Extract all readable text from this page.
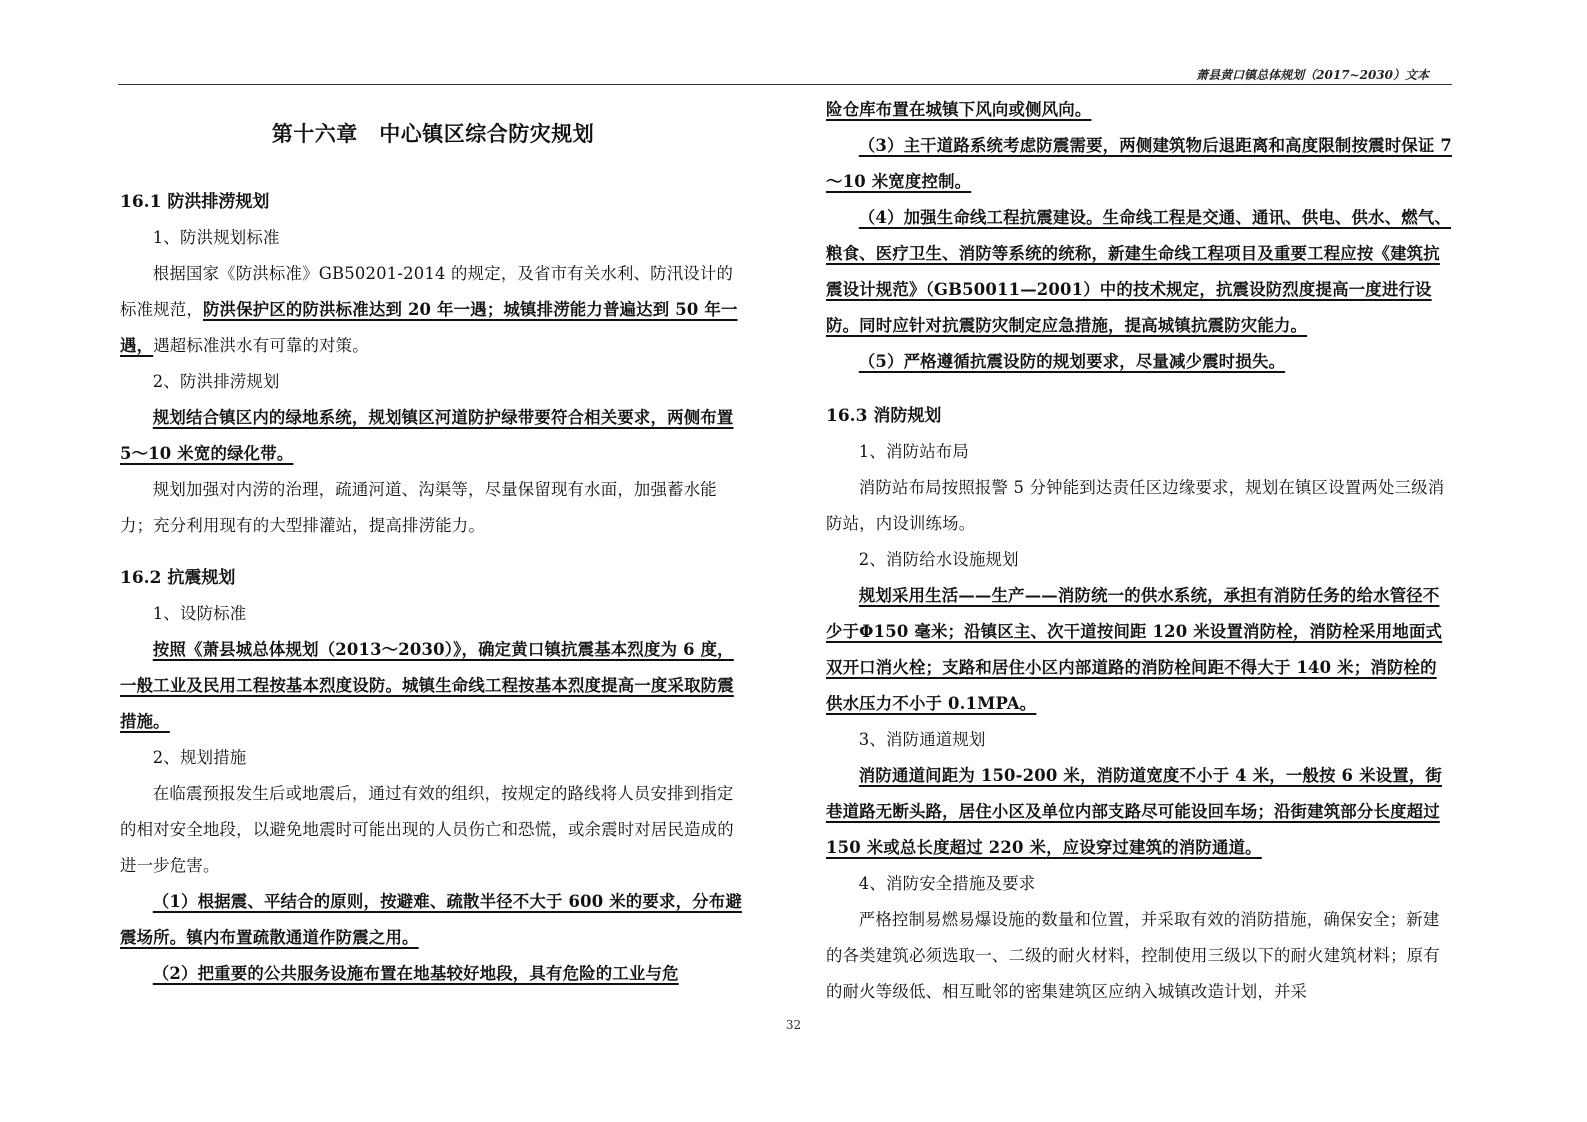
萧县黄口镇总体规划（2017~2030）文本
第十六章　中心镇区综合防灾规划
16.1 防洪排涝规划

1、防洪规划标准

根据国家《防洪标准》GB50201-2014 的规定，及省市有关水利、防汛设计的标准规范，防洪保护区的防洪标准达到 20 年一遇；城镇排涝能力普遍达到 50 年一遇，遇超标准洪水有可靠的对策。

2、防洪排涝规划

规划结合镇区内的绿地系统，规划镇区河道防护绿带要符合相关要求，两侧布置 5～10 米宽的绿化带。

规划加强对内涝的治理，疏通河道、沟渠等，尽量保留现有水面，加强蓄水能力；充分利用现有的大型排灌站，提高排涝能力。

16.2 抗震规划

1、设防标准

按照《萧县城总体规划（2013～2030）》，确定黄口镇抗震基本烈度为 6 度，一般工业及民用工程按基本烈度设防。城镇生命线工程按基本烈度提高一度采取防震措施。

2、规划措施

在临震预报发生后或地震后，通过有效的组织，按规定的路线将人员安排到指定的相对安全地段，以避免地震时可能出现的人员伤亡和恐慌，或余震时对居民造成的进一步危害。

（1）根据震、平结合的原则，按避难、疏散半径不大于 600 米的要求，分布避震场所。镇内布置疏散通道作防震之用。

（2）把重要的公共服务设施布置在地基较好地段，具有危险的工业与危

险仓库布置在城镇下风向或侧风向。

（3）主干道路系统考虑防震需要，两侧建筑物后退距离和高度限制按震时保证 7～10 米宽度控制。

（4）加强生命线工程抗震建设。生命线工程是交通、通讯、供电、供水、燃气、粮食、医疗卫生、消防等系统的统称，新建生命线工程项目及重要工程应按《建筑抗震设计规范》（GB50011—2001）中的技术规定，抗震设防烈度提高一度进行设防。同时应针对抗震防灾制定应急措施，提高城镇抗震防灾能力。

（5）严格遵循抗震设防的规划要求，尽量减少震时损失。

16.3 消防规划

1、消防站布局

消防站布局按照报警 5 分钟能到达责任区边缘要求，规划在镇区设置两处三级消防站，内设训练场。

2、消防给水设施规划

规划采用生活——生产——消防统一的供水系统，承担有消防任务的给水管径不少于Φ150 毫米；沿镇区主、次干道按间距 120 米设置消防栓，消防栓采用地面式双开口消火栓；支路和居住小区内部道路的消防栓间距不得大于 140 米；消防栓的供水压力不小于 0.1MPA。

3、消防通道规划

消防通道间距为 150-200 米，消防道宽度不小于 4 米，一般按 6 米设置，街巷道路无断头路，居住小区及单位内部支路尽可能设回车场；沿街建筑部分长度超过 150 米或总长度超过 220 米，应设穿过建筑的消防通道。

4、消防安全措施及要求

严格控制易燃易爆设施的数量和位置，并采取有效的消防措施，确保安全；新建的各类建筑必须选取一、二级的耐火材料，控制使用三级以下的耐火建筑材料；原有的耐火等级低、相互毗邻的密集建筑区应纳入城镇改造计划，并采

32
